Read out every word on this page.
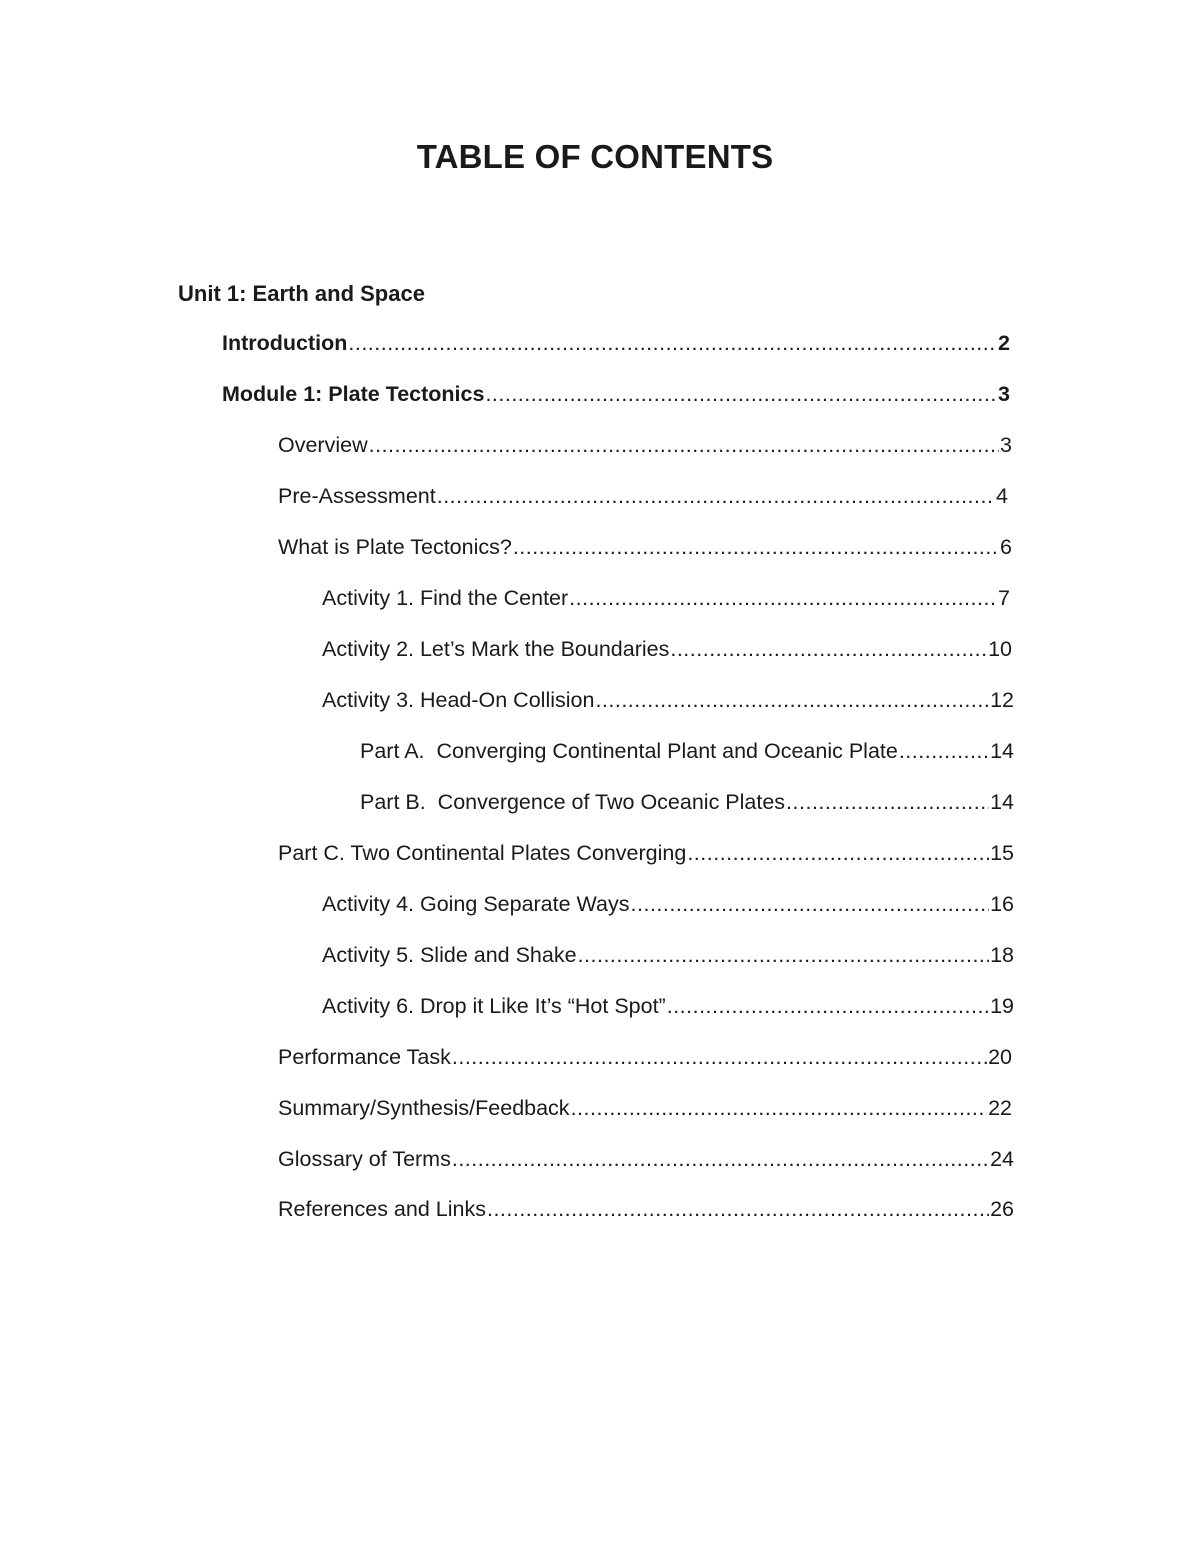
TABLE OF CONTENTS
Unit 1: Earth and Space
Introduction .....	2
Module 1: Plate Tectonics .....	3
Overview .....	3
Pre-Assessment .....	4
What is Plate Tectonics? .....	6
Activity 1. Find the Center .....	7
Activity 2. Let’s Mark the Boundaries .....	10
Activity 3. Head-On Collision .....	12
Part A.  Converging Continental Plant and Oceanic Plate .....	14
Part B.  Convergence of Two Oceanic Plates .....	14
Part C. Two Continental Plates Converging .....	15
Activity 4. Going Separate Ways .....	16
Activity 5. Slide and Shake .....	18
Activity 6. Drop it Like It’s “Hot Spot” .....	19
Performance Task .....	20
Summary/Synthesis/Feedback .....	22
Glossary of Terms .....	24
References and Links .....	26
